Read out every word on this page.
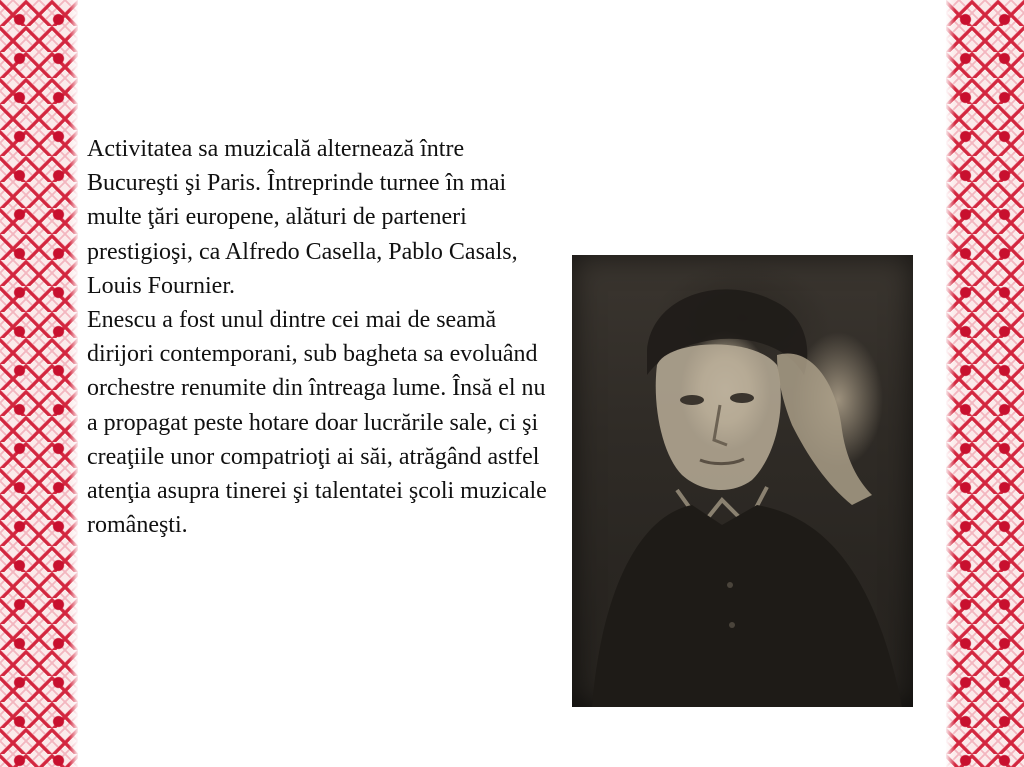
Activitatea sa muzicală alternează între Bucureşti şi Paris. Întreprinde turnee în mai multe ţări europene, alături de parteneri prestigioşi, ca Alfredo Casella, Pablo Casals, Louis Fournier.

Enescu a fost unul dintre cei mai de seamă dirijori contemporani, sub bagheta sa evoluând orchestre renumite din întreaga lume. Însă el nu a propagat peste hotare doar lucrările sale, ci şi creaţiile unor compatrioţi ai săi, atrăgând astfel atenţia asupra tinerei şi talentatei şcoli muzicale româneşti.
